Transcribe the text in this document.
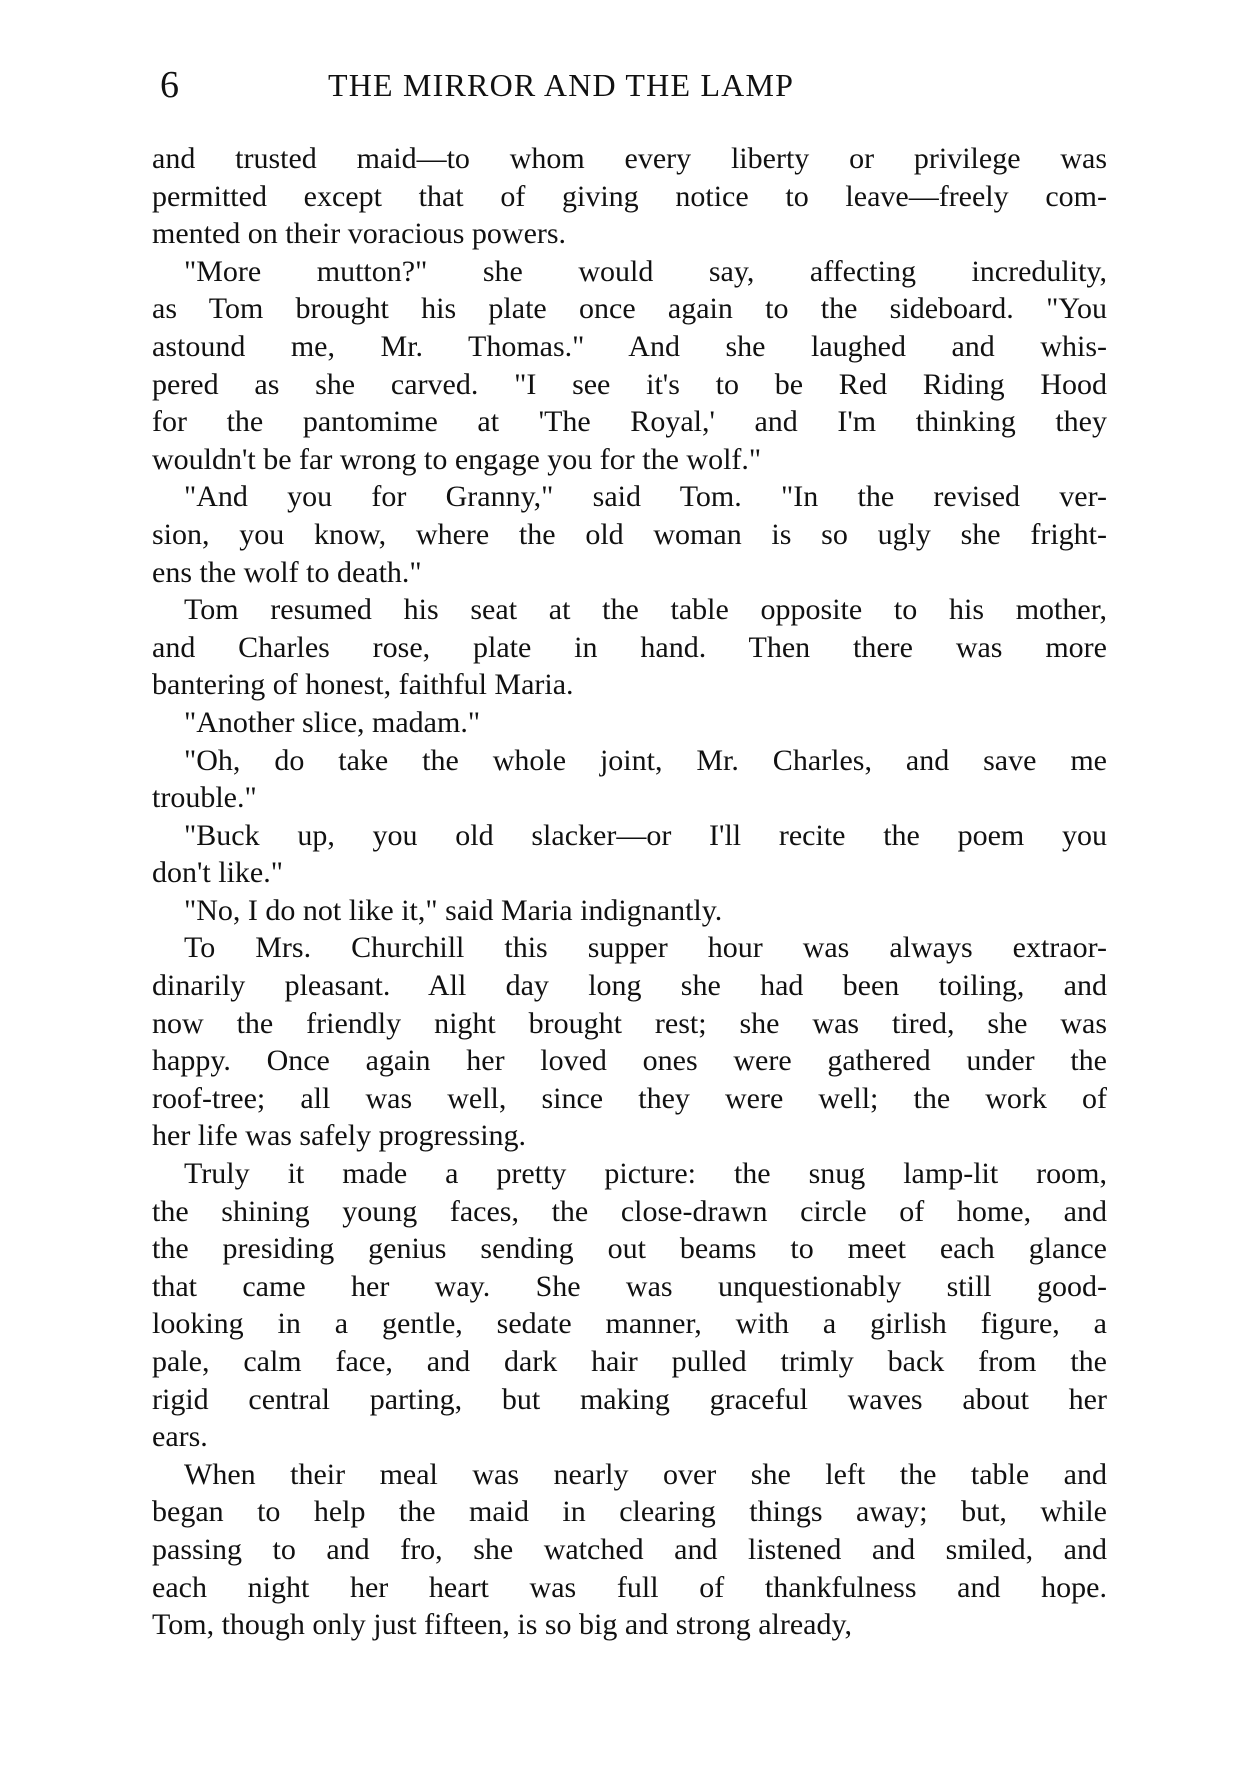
6	THE MIRROR AND THE LAMP
and trusted maid—to whom every liberty or privilege was
permitted except that of giving notice to leave—freely com-
mented on their voracious powers.
"More mutton?" she would say, affecting incredulity,
as Tom brought his plate once again to the sideboard. "You
astound me, Mr. Thomas." And she laughed and whis-
pered as she carved. "I see it's to be Red Riding Hood
for the pantomime at 'The Royal,' and I'm thinking they
wouldn't be far wrong to engage you for the wolf."
"And you for Granny," said Tom. "In the revised ver-
sion, you know, where the old woman is so ugly she fright-
ens the wolf to death."
Tom resumed his seat at the table opposite to his mother,
and Charles rose, plate in hand. Then there was more
bantering of honest, faithful Maria.
"Another slice, madam."
"Oh, do take the whole joint, Mr. Charles, and save me
trouble."
"Buck up, you old slacker—or I'll recite the poem you
don't like."
"No, I do not like it," said Maria indignantly.
To Mrs. Churchill this supper hour was always extraor-
dinarily pleasant. All day long she had been toiling, and
now the friendly night brought rest; she was tired, she was
happy. Once again her loved ones were gathered under the
roof-tree; all was well, since they were well; the work of
her life was safely progressing.
Truly it made a pretty picture: the snug lamp-lit room,
the shining young faces, the close-drawn circle of home, and
the presiding genius sending out beams to meet each glance
that came her way. She was unquestionably still good-
looking in a gentle, sedate manner, with a girlish figure, a
pale, calm face, and dark hair pulled trimly back from the
rigid central parting, but making graceful waves about her
ears.
When their meal was nearly over she left the table and
began to help the maid in clearing things away; but, while
passing to and fro, she watched and listened and smiled, and
each night her heart was full of thankfulness and hope.
Tom, though only just fifteen, is so big and strong already,
